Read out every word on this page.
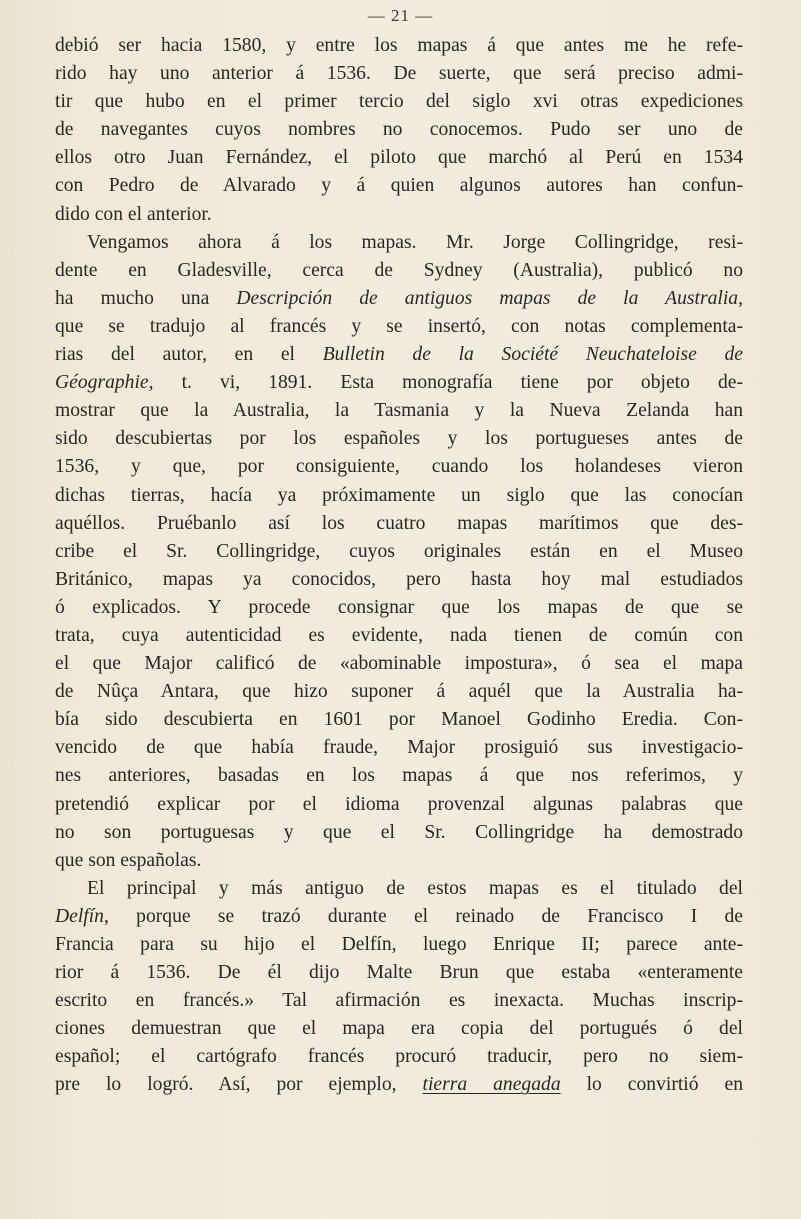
— 21 —
debió ser hacia 1580, y entre los mapas á que antes me he refe-
rido hay uno anterior á 1536. De suerte, que será preciso admi-
tir que hubo en el primer tercio del siglo xvi otras expediciones
de navegantes cuyos nombres no conocemos. Pudo ser uno de
ellos otro Juan Fernández, el piloto que marchó al Perú en 1534
con Pedro de Alvarado y á quien algunos autores han confun-
dido con el anterior.
Vengamos ahora á los mapas. Mr. Jorge Collingridge, resi-
dente en Gladesville, cerca de Sydney (Australia), publicó no
ha mucho una Descripción de antiguos mapas de la Australia,
que se tradujo al francés y se insertó, con notas complementa-
rias del autor, en el Bulletin de la Société Neuchateloise de
Géographie, t. vi, 1891. Esta monografía tiene por objeto de-
mostrar que la Australia, la Tasmania y la Nueva Zelanda han
sido descubiertas por los españoles y los portugueses antes de
1536, y que, por consiguiente, cuando los holandeses vieron
dichas tierras, hacía ya próximamente un siglo que las conocían
aquéllos. Pruébanlo así los cuatro mapas marítimos que des-
cribe el Sr. Collingridge, cuyos originales están en el Museo
Británico, mapas ya conocidos, pero hasta hoy mal estudiados
ó explicados. Y procede consignar que los mapas de que se
trata, cuya autenticidad es evidente, nada tienen de común con
el que Major calificó de «abominable impostura», ó sea el mapa
de Nûça Antara, que hizo suponer á aquél que la Australia ha-
bía sido descubierta en 1601 por Manoel Godinho Eredia. Con-
vencido de que había fraude, Major prosiguió sus investigacio-
nes anteriores, basadas en los mapas á que nos referimos, y
pretendió explicar por el idioma provenzal algunas palabras que
no son portuguesas y que el Sr. Collingridge ha demostrado
que son españolas.
El principal y más antiguo de estos mapas es el titulado del
Delfín, porque se trazó durante el reinado de Francisco I de
Francia para su hijo el Delfín, luego Enrique II; parece ante-
rior á 1536. De él dijo Malte Brun que estaba «enteramente
escrito en francés.» Tal afirmación es inexacta. Muchas inscrip-
ciones demuestran que el mapa era copia del portugués ó del
español; el cartógrafo francés procuró traducir, pero no siem-
pre lo logró. Así, por ejemplo, tierra anegada lo convirtió en
